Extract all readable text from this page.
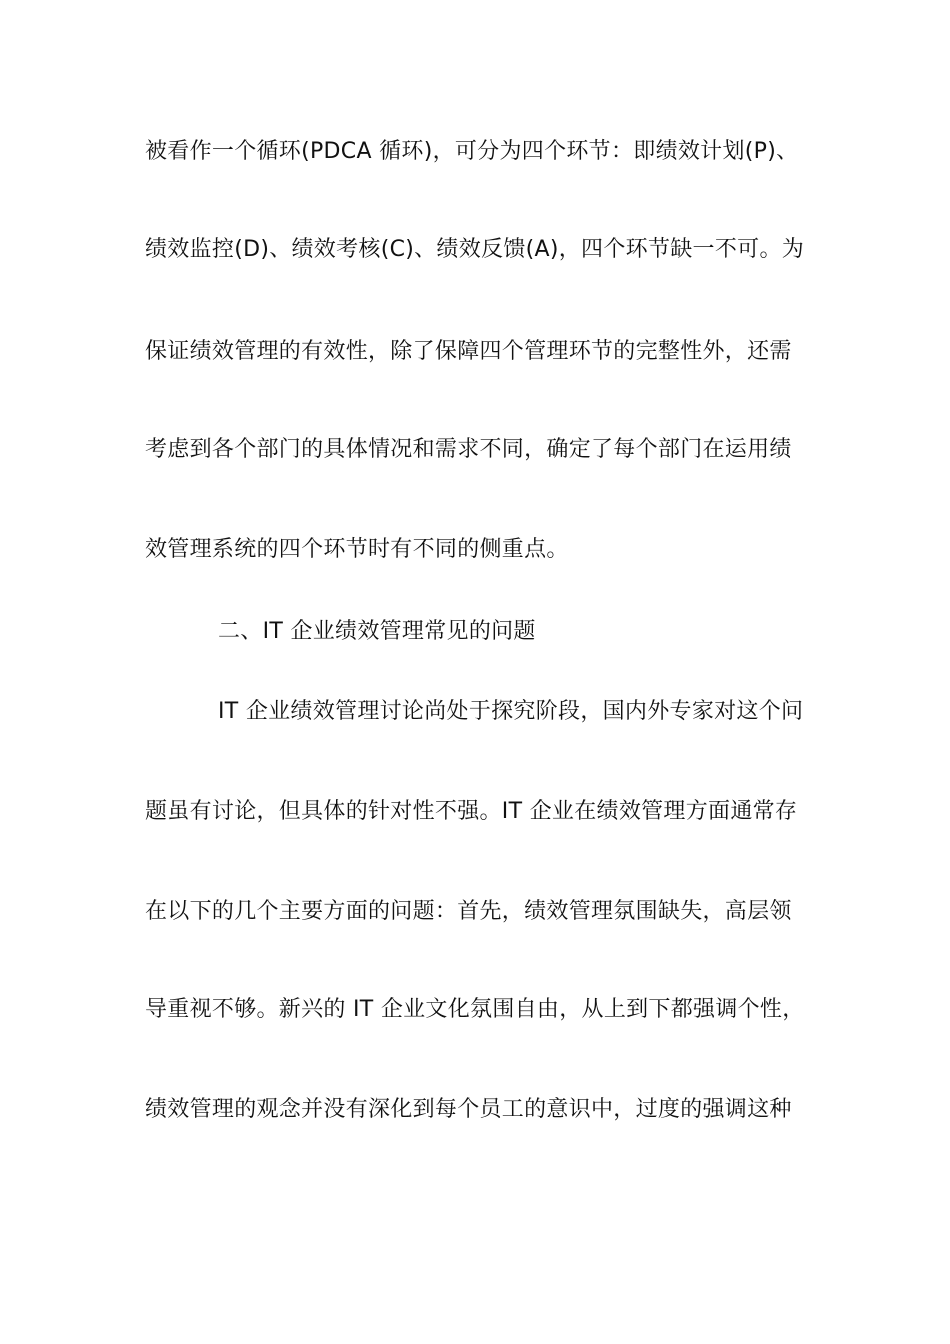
被看作一个循环(PDCA 循环)，可分为四个环节：即绩效计划(P)、
绩效监控(D)、绩效考核(C)、绩效反馈(A)，四个环节缺一不可。为
保证绩效管理的有效性，除了保障四个管理环节的完整性外，还需
考虑到各个部门的具体情况和需求不同，确定了每个部门在运用绩
效管理系统的四个环节时有不同的侧重点。
二、IT 企业绩效管理常见的问题
IT 企业绩效管理讨论尚处于探究阶段，国内外专家对这个问
题虽有讨论，但具体的针对性不强。IT 企业在绩效管理方面通常存
在以下的几个主要方面的问题：首先，绩效管理氛围缺失，高层领
导重视不够。新兴的 IT 企业文化氛围自由，从上到下都强调个性，
绩效管理的观念并没有深化到每个员工的意识中，过度的强调这种
